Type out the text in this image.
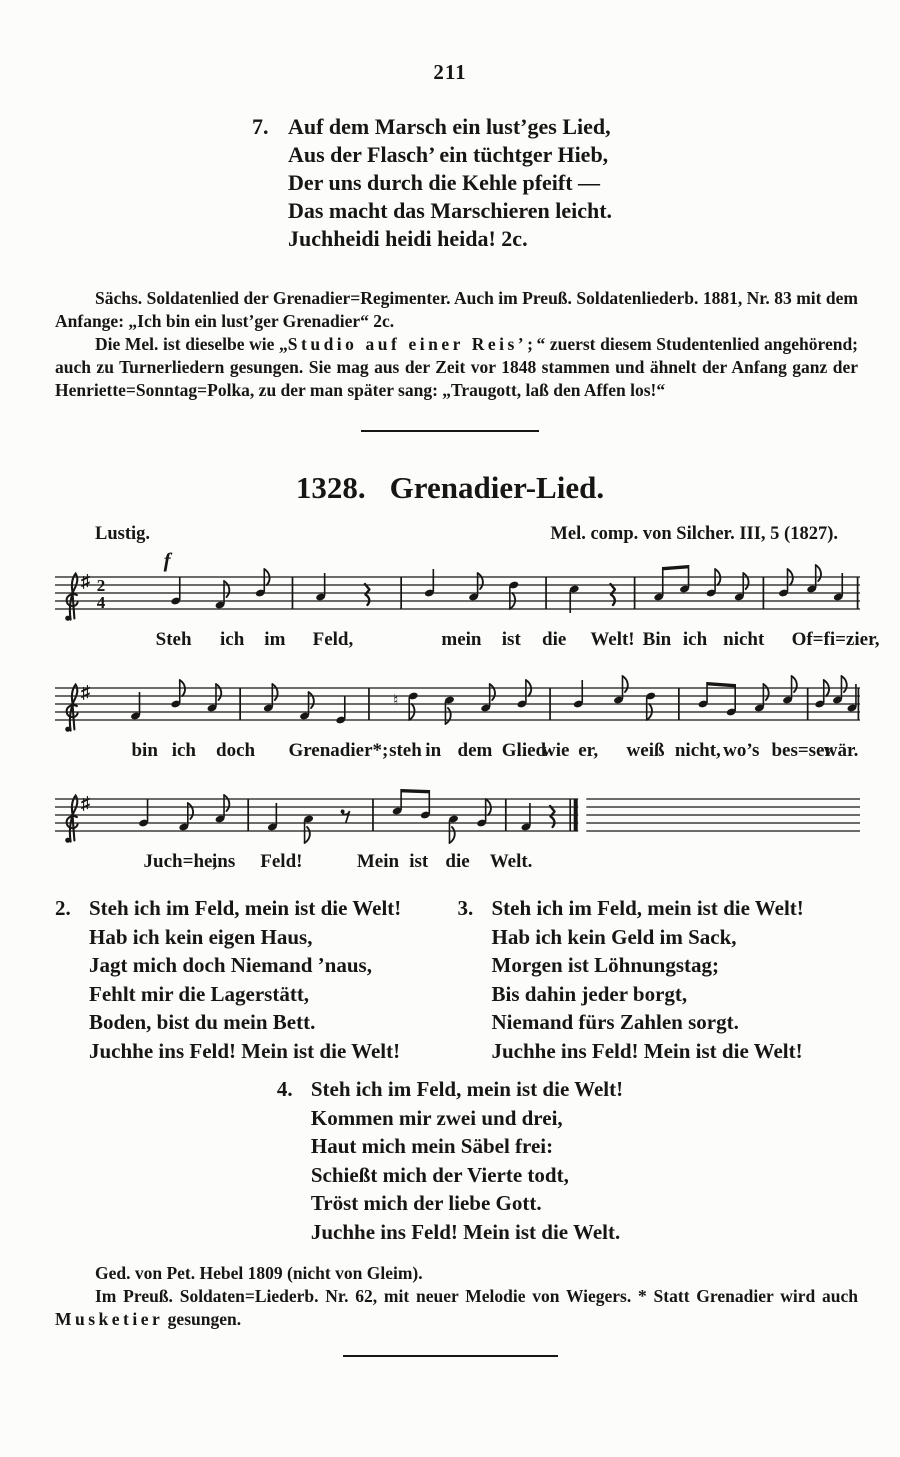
211
7. Auf dem Marsch ein lust’ges Lied,
Aus der Flasch’ ein tüchtger Hieb,
Der uns durch die Kehle pfeift —
Das macht das Marschieren leicht.
Juchheidi heidi heida! 2c.

Sächs. Soldatenlied der Grenadier=Regimenter. Auch im Preuß. Soldatenliederb. 1881, Nr. 83 mit dem Anfange: „Ich bin ein lust’ger Grenadier“ 2c.

Die Mel. ist dieselbe wie „Studio auf einer Reis’;“ zuerst diesem Studentenlied angehörend; auch zu Turnerliedern gesungen. Sie mag aus der Zeit vor 1848 stammen und ähnelt der Anfang ganz der Henriette=Sonntag=Polka, zu der man später sang: „Traugott, laß den Affen los!“

1328. Grenadier-Lied.
Lustig.	Mel. comp. von Silcher. III, 5 (1827).
♯ 2
4
f
Steh ich im Feld,	mein ist die Welt! Bin ich nicht Of=fi=zier,
♯	♮
bin ich doch Grenadier*; steh in dem Glied
wie er, weiß nicht, wo’s bes=ser
wär.
♯
Juch=he,
ins Feld!	Mein ist die Welt.
2. Steh ich im Feld, mein ist die Welt!
Hab ich kein eigen Haus,
Jagt mich doch Niemand ’naus,
Fehlt mir die Lagerstätt,
Boden, bist du mein Bett.
Juchhe ins Feld! Mein ist die Welt!
3. Steh ich im Feld, mein ist die Welt!
Hab ich kein Geld im Sack,
Morgen ist Löhnungstag;
Bis dahin jeder borgt,
Niemand fürs Zahlen sorgt.
Juchhe ins Feld! Mein ist die Welt!
4. Steh ich im Feld, mein ist die Welt!
Kommen mir zwei und drei,
Haut mich mein Säbel frei:
Schießt mich der Vierte todt,
Tröst mich der liebe Gott.
Juchhe ins Feld! Mein ist die Welt.

Ged. von Pet. Hebel 1809 (nicht von Gleim).

Im Preuß. Soldaten=Liederb. Nr. 62, mit neuer Melodie von Wiegers. * Statt Grenadier wird auch Musketier gesungen.
